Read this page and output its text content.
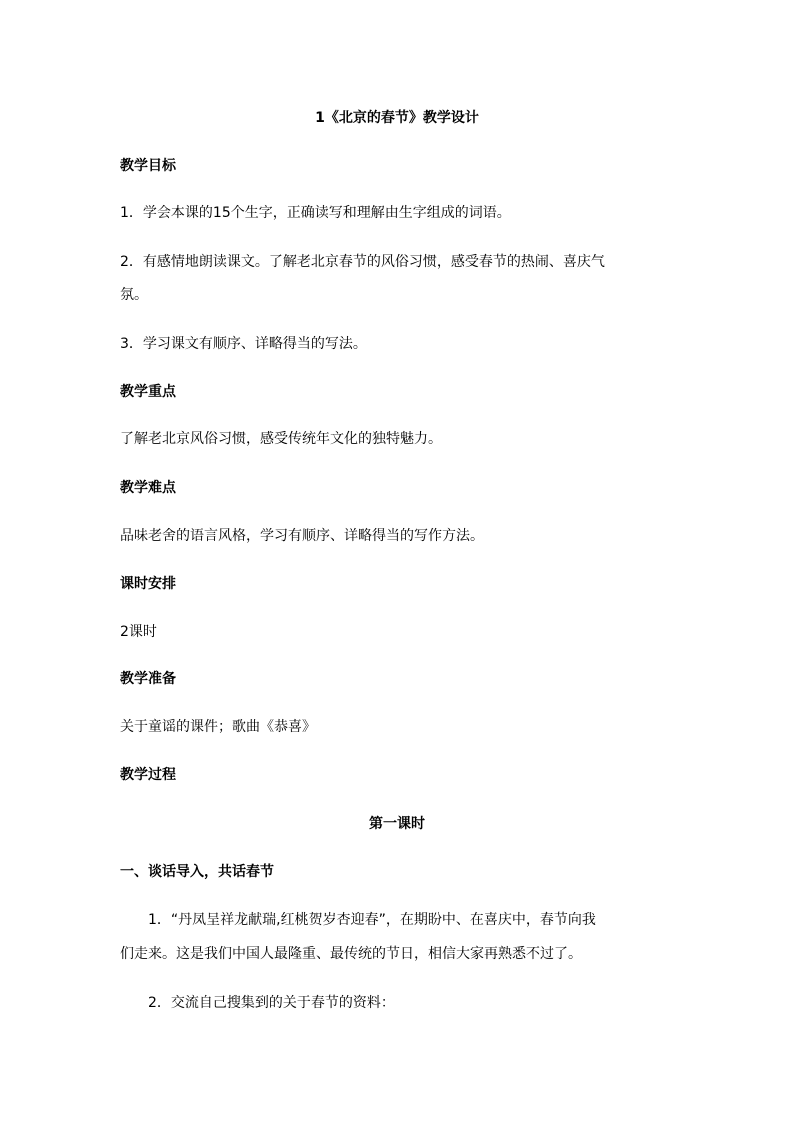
1《北京的春节》教学设计
教学目标
1．学会本课的15个生字，正确读写和理解由生字组成的词语。
2．有感情地朗读课文。了解老北京春节的风俗习惯，感受春节的热闹、喜庆气
氛。
3．学习课文有顺序、详略得当的写法。
教学重点
了解老北京风俗习惯，感受传统年文化的独特魅力。
教学难点
品味老舍的语言风格，学习有顺序、详略得当的写作方法。
课时安排
2课时
教学准备
关于童谣的课件；歌曲《恭喜》
教学过程
第一课时
一、谈话导入，共话春节
1．“丹凤呈祥龙献瑞,红桃贺岁杏迎春”，在期盼中、在喜庆中，春节向我
们走来。这是我们中国人最隆重、最传统的节日，相信大家再熟悉不过了。
2．交流自己搜集到的关于春节的资料：
